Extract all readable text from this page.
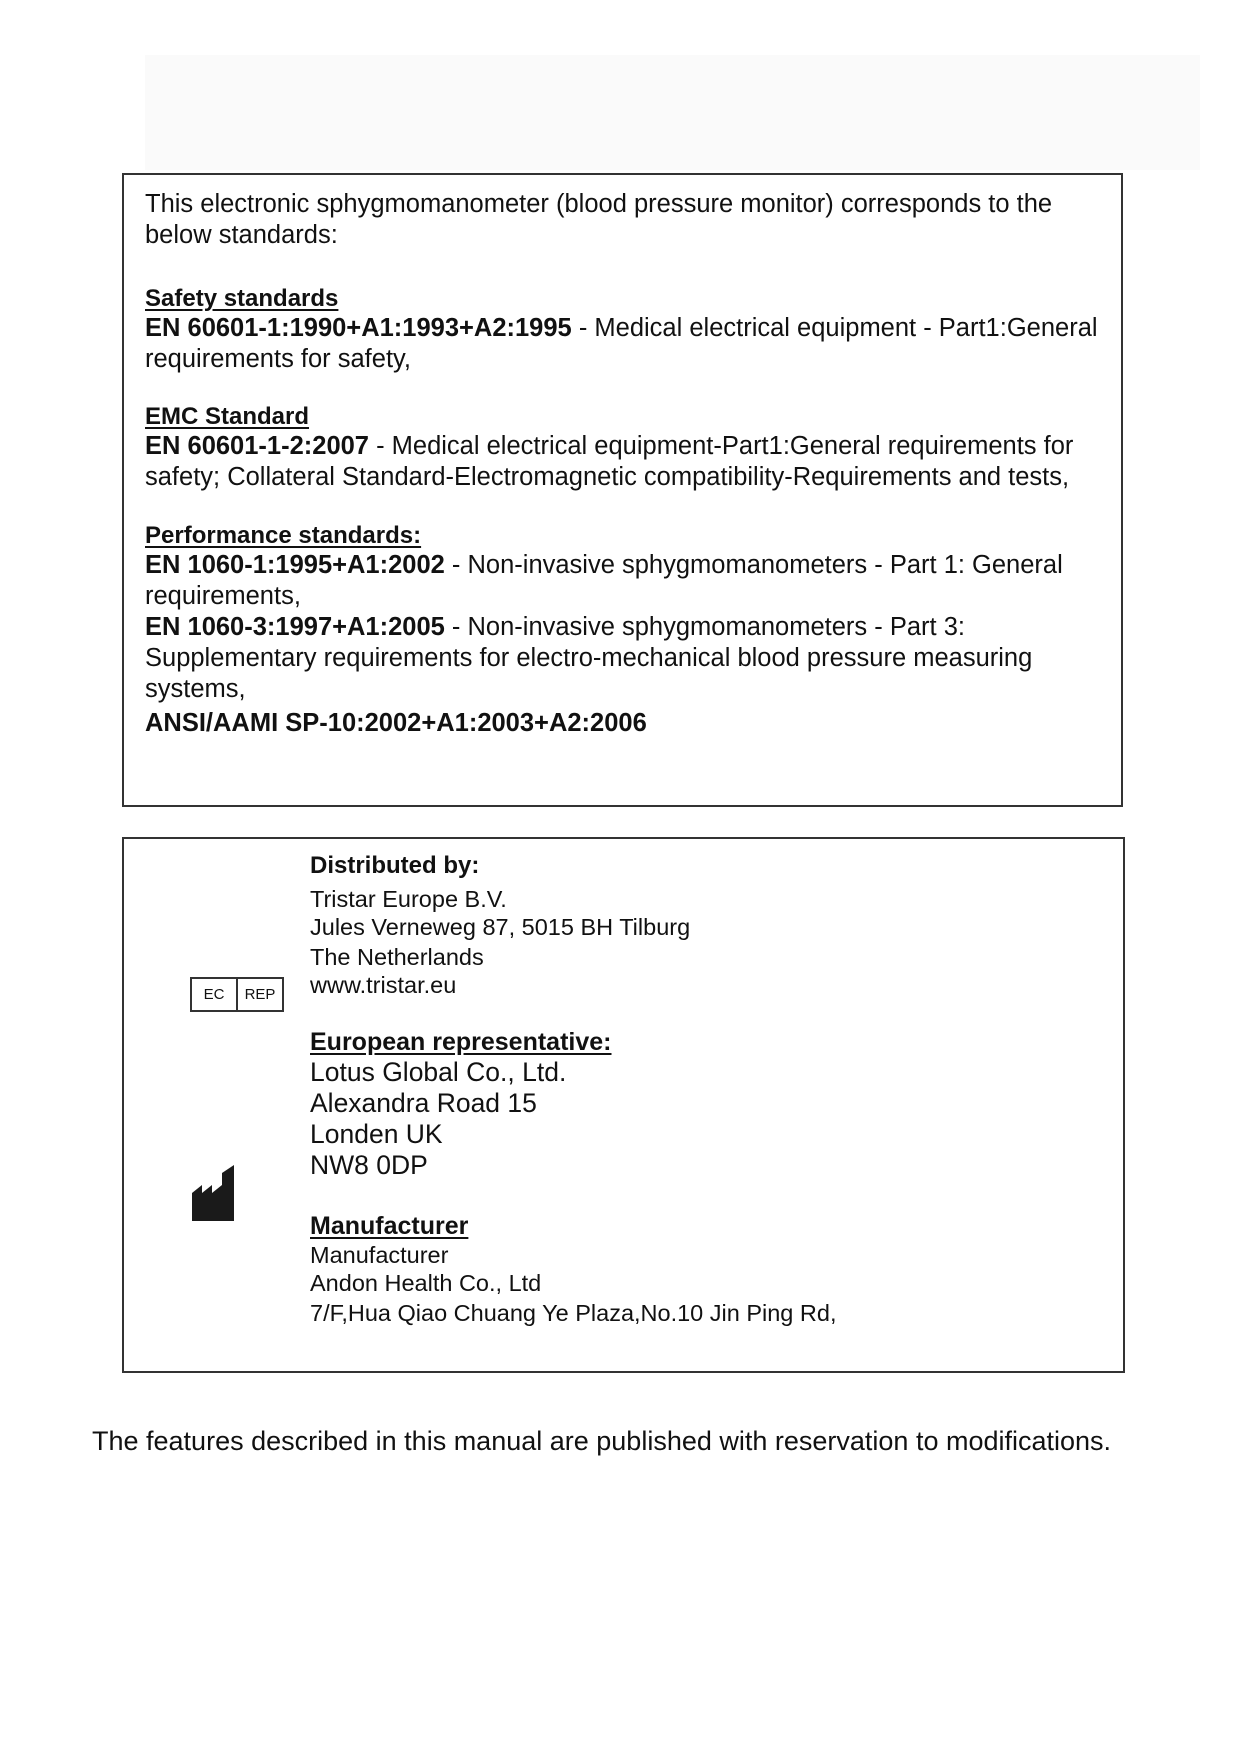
This electronic sphygmomanometer (blood pressure monitor) corresponds to the below standards:

Safety standards

EN 60601-1:1990+A1:1993+A2:1995 - Medical electrical equipment - Part1:General requirements for safety,

EMC Standard

EN 60601-1-2:2007 - Medical electrical equipment-Part1:General requirements for safety; Collateral Standard-Electromagnetic compatibility-Requirements and tests,

Performance standards:

EN 1060-1:1995+A1:2002 - Non-invasive sphygmomanometers - Part 1: General requirements,

EN 1060-3:1997+A1:2005 - Non-invasive sphygmomanometers - Part 3: Supplementary requirements for electro-mechanical blood pressure measuring systems,

ANSI/AAMI SP-10:2002+A1:2003+A2:2006
EC	REP
Distributed by:
Tristar Europe B.V.
Jules Verneweg 87, 5015 BH Tilburg
The Netherlands
www.tristar.eu
European representative:
Lotus Global Co., Ltd.
Alexandra Road 15
Londen UK
NW8 0DP
Manufacturer
Manufacturer
Andon Health Co., Ltd
7/F,Hua Qiao Chuang Ye Plaza,No.10 Jin Ping Rd,
The features described in this manual are published with reservation to modifications.
